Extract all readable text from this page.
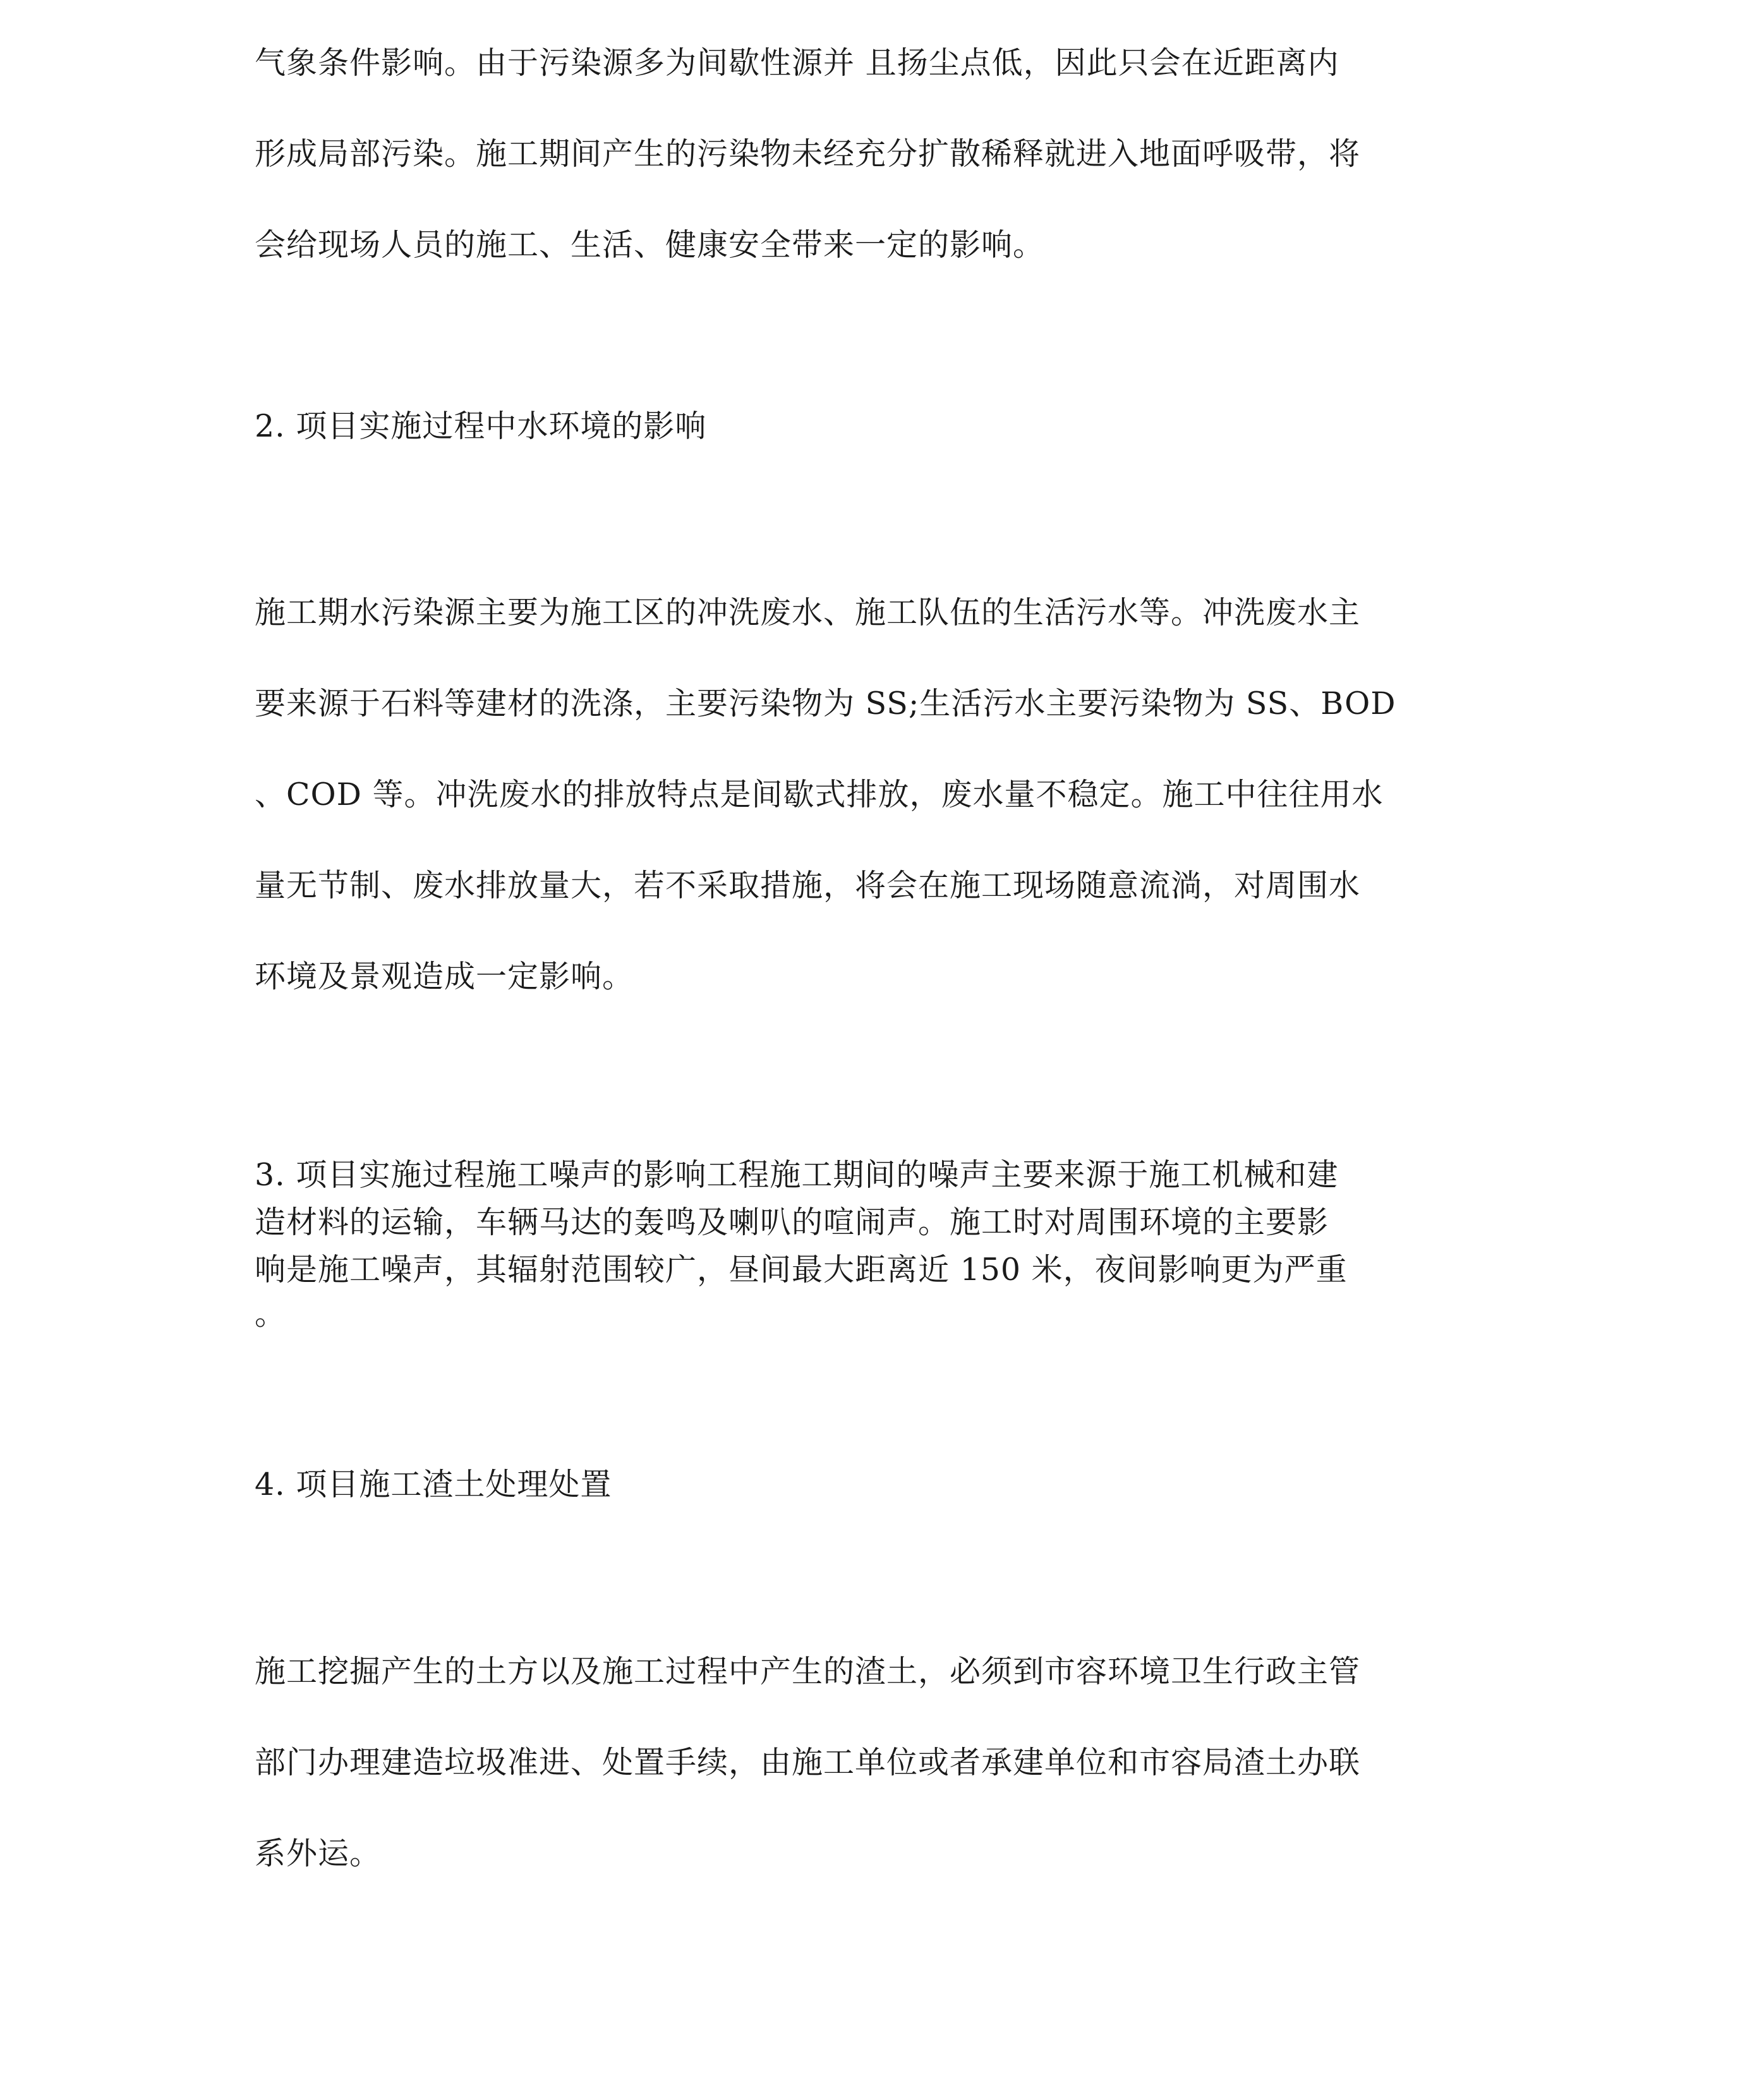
气象条件影响。由于污染源多为间歇性源并 且扬尘点低，因此只会在近距离内
形成局部污染。施工期间产生的污染物未经充分扩散稀释就进入地面呼吸带，将
会给现场人员的施工、生活、健康安全带来一定的影响。
2. 项目实施过程中水环境的影响
施工期水污染源主要为施工区的冲洗废水、施工队伍的生活污水等。冲洗废水主
要来源于石料等建材的洗涤，主要污染物为 SS;生活污水主要污染物为 SS、BOD
、COD 等。冲洗废水的排放特点是间歇式排放，废水量不稳定。施工中往往用水
量无节制、废水排放量大，若不采取措施，将会在施工现场随意流淌，对周围水
环境及景观造成一定影响。
3. 项目实施过程施工噪声的影响工程施工期间的噪声主要来源于施工机械和建
造材料的运输，车辆马达的轰鸣及喇叭的喧闹声。施工时对周围环境的主要影
响是施工噪声，其辐射范围较广，昼间最大距离近 150 米，夜间影响更为严重
。
4. 项目施工渣土处理处置
施工挖掘产生的土方以及施工过程中产生的渣土，必须到市容环境卫生行政主管
部门办理建造垃圾准进、处置手续，由施工单位或者承建单位和市容局渣土办联
系外运。
